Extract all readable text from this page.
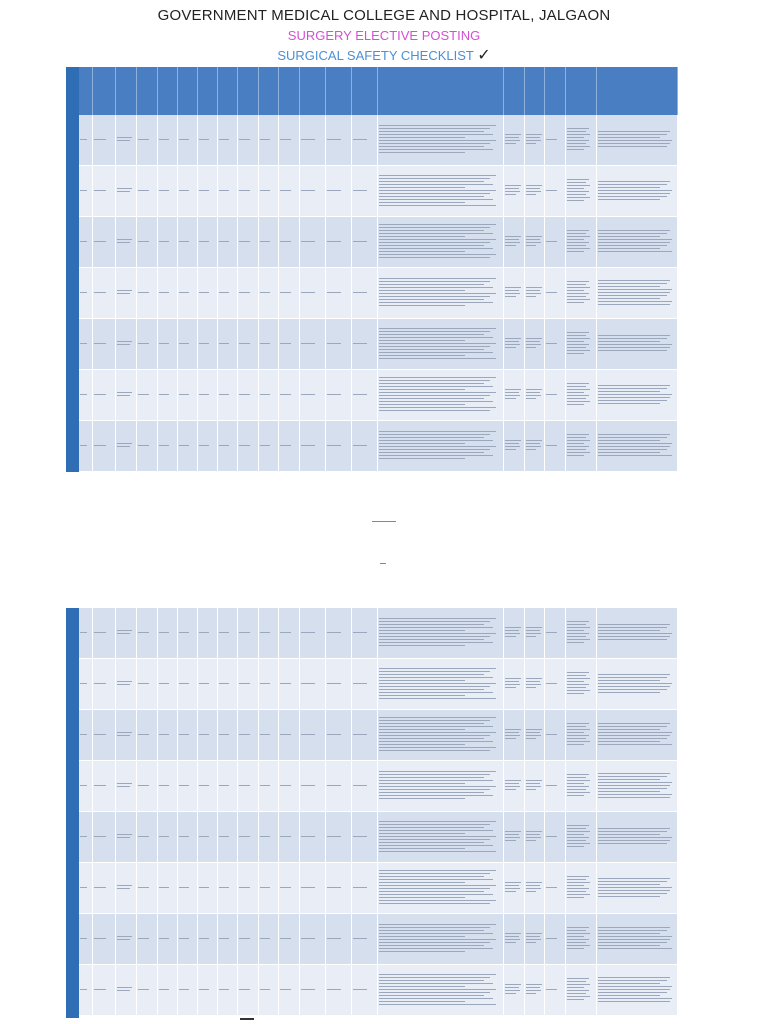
GOVERNMENT MEDICAL COLLEGE AND HOSPITAL, JALGAON
SURGERY ELECTIVE POSTING
SURGICAL SAFETY CHECKLIST ✓
